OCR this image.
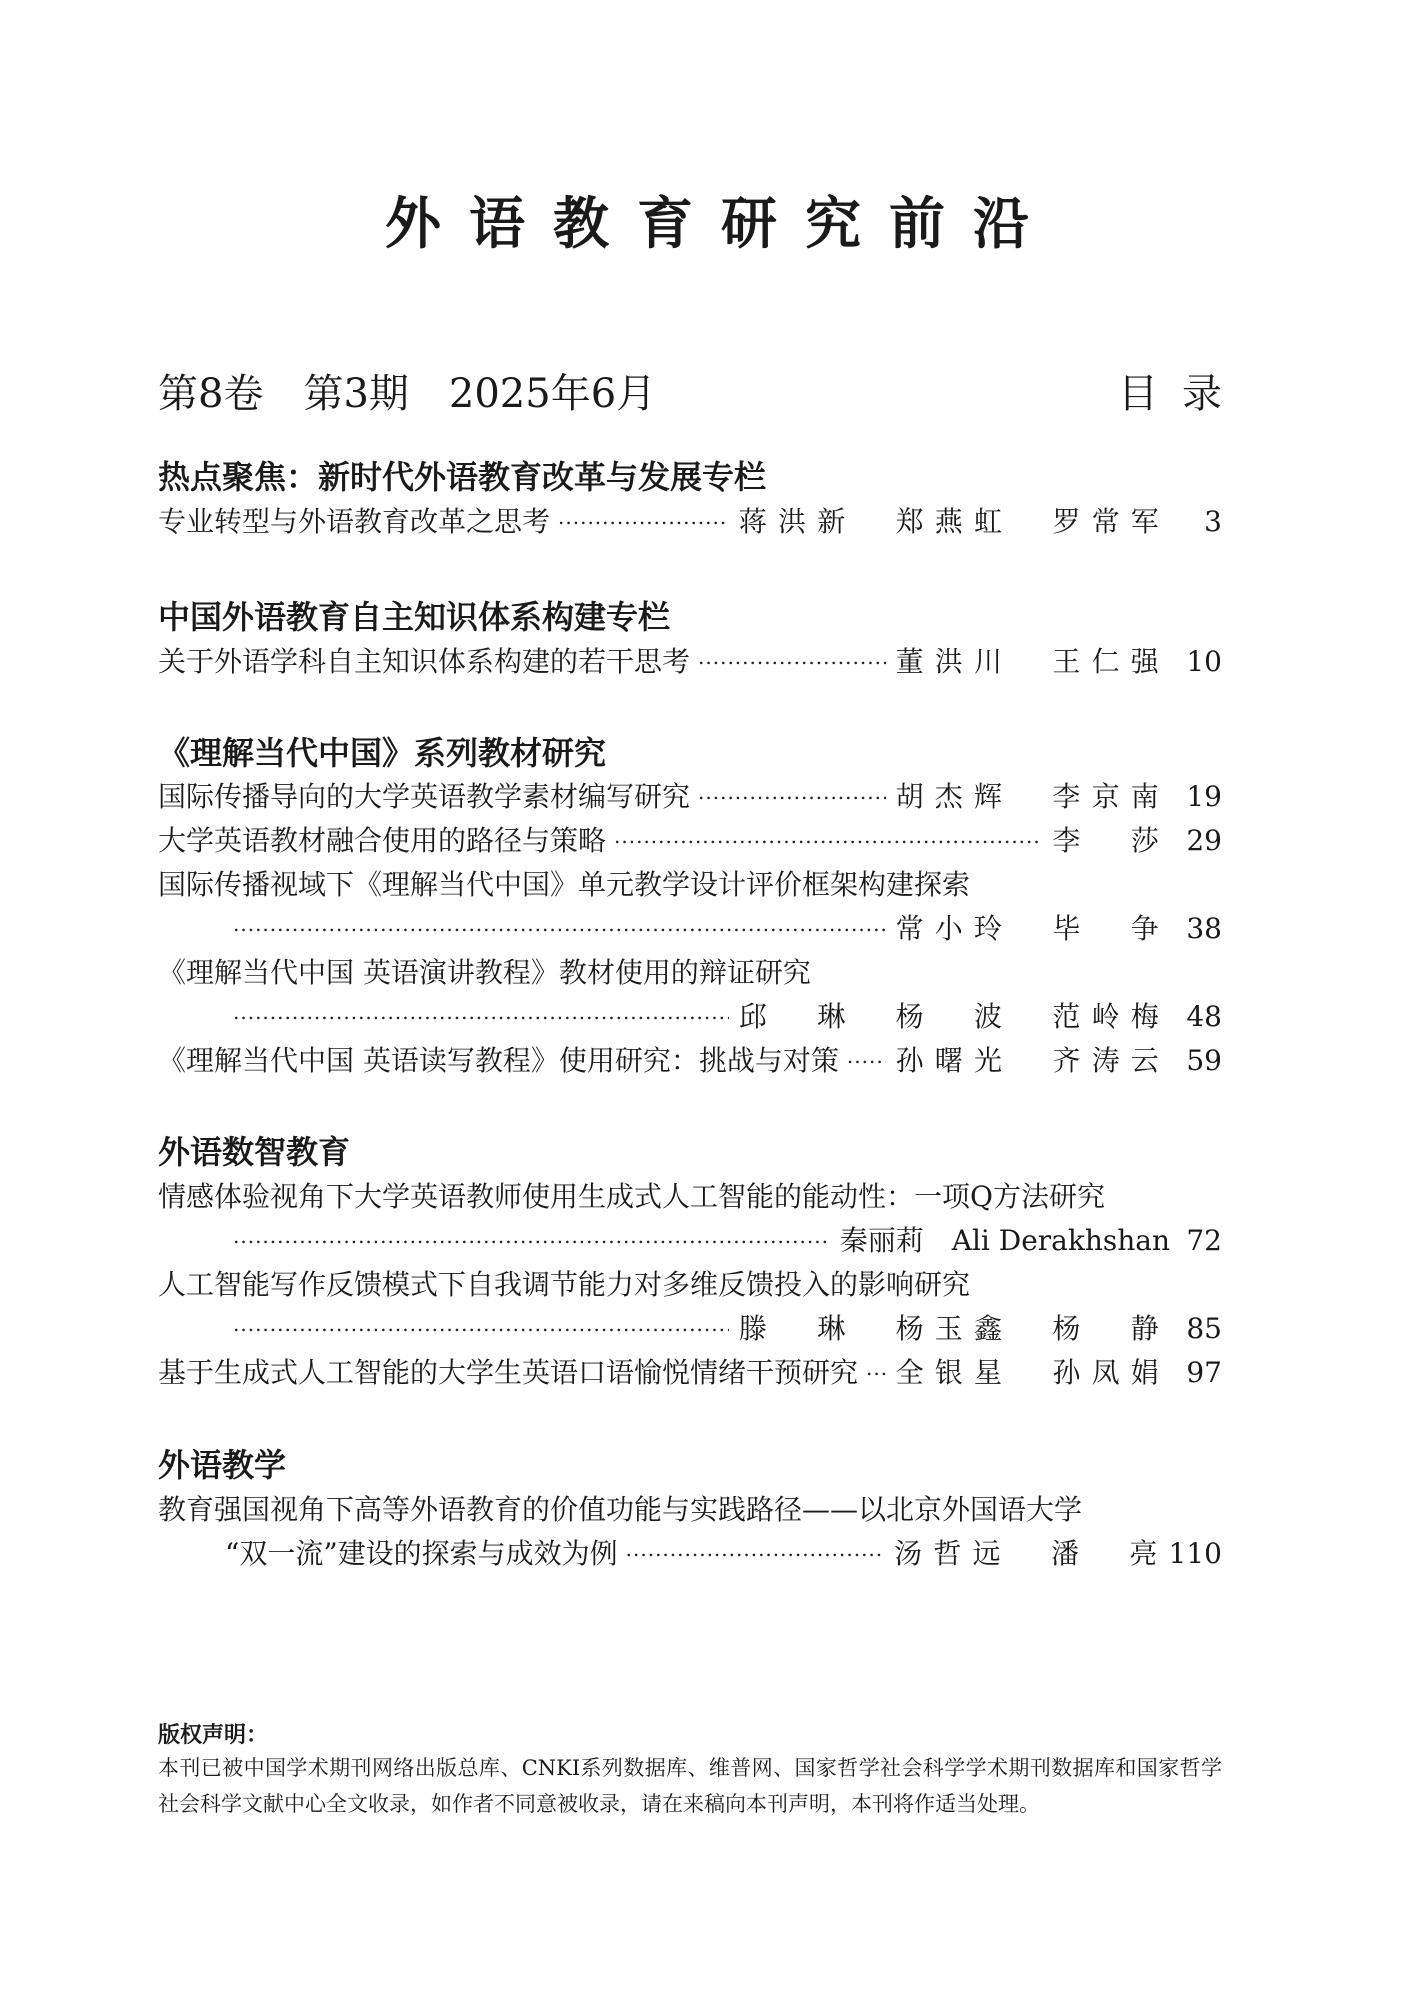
外语教育研究前沿
第8卷　第3期　2025年6月	目录
热点聚焦：新时代外语教育改革与发展专栏
专业转型与外语教育改革之思考 .....	蒋洪新　郑燕虹　罗常军	3
中国外语教育自主知识体系构建专栏
关于外语学科自主知识体系构建的若干思考 .....	董洪川　王仁强 10
《理解当代中国》系列教材研究
国际传播导向的大学英语教学素材编写研究 .....	胡杰辉　李京南 19
大学英语教材融合使用的路径与策略 .....	李　莎 29
国际传播视域下《理解当代中国》单元教学设计评价框架构建探索
.....
常小玲　毕　争 38
《理解当代中国 英语演讲教程》教材使用的辩证研究
.....
邱　琳　杨　波　范岭梅 48
《理解当代中国 英语读写教程》使用研究：挑战与对策 ..... 孙曙光　齐涛云 59
外语数智教育
情感体验视角下大学英语教师使用生成式人工智能的能动性：一项Q方法研究
.....
秦丽莉　Ali Derakhshan 72
人工智能写作反馈模式下自我调节能力对多维反馈投入的影响研究
.....
滕　琳　杨玉鑫　杨　静 85
基于生成式人工智能的大学生英语口语愉悦情绪干预研究 ..... 全银星　孙凤娟 97
外语教学
教育强国视角下高等外语教育的价值功能与实践路径——以北京外国语大学
“双一流”建设的探索与成效为例 .....	汤哲远　潘　亮 110
版权声明：
本刊已被中国学术期刊网络出版总库、CNKI系列数据库、维普网、国家哲学社会科学学术期刊数据库和国家哲学社会科学文献中心全文收录，如作者不同意被收录，请在来稿向本刊声明，本刊将作适当处理。
